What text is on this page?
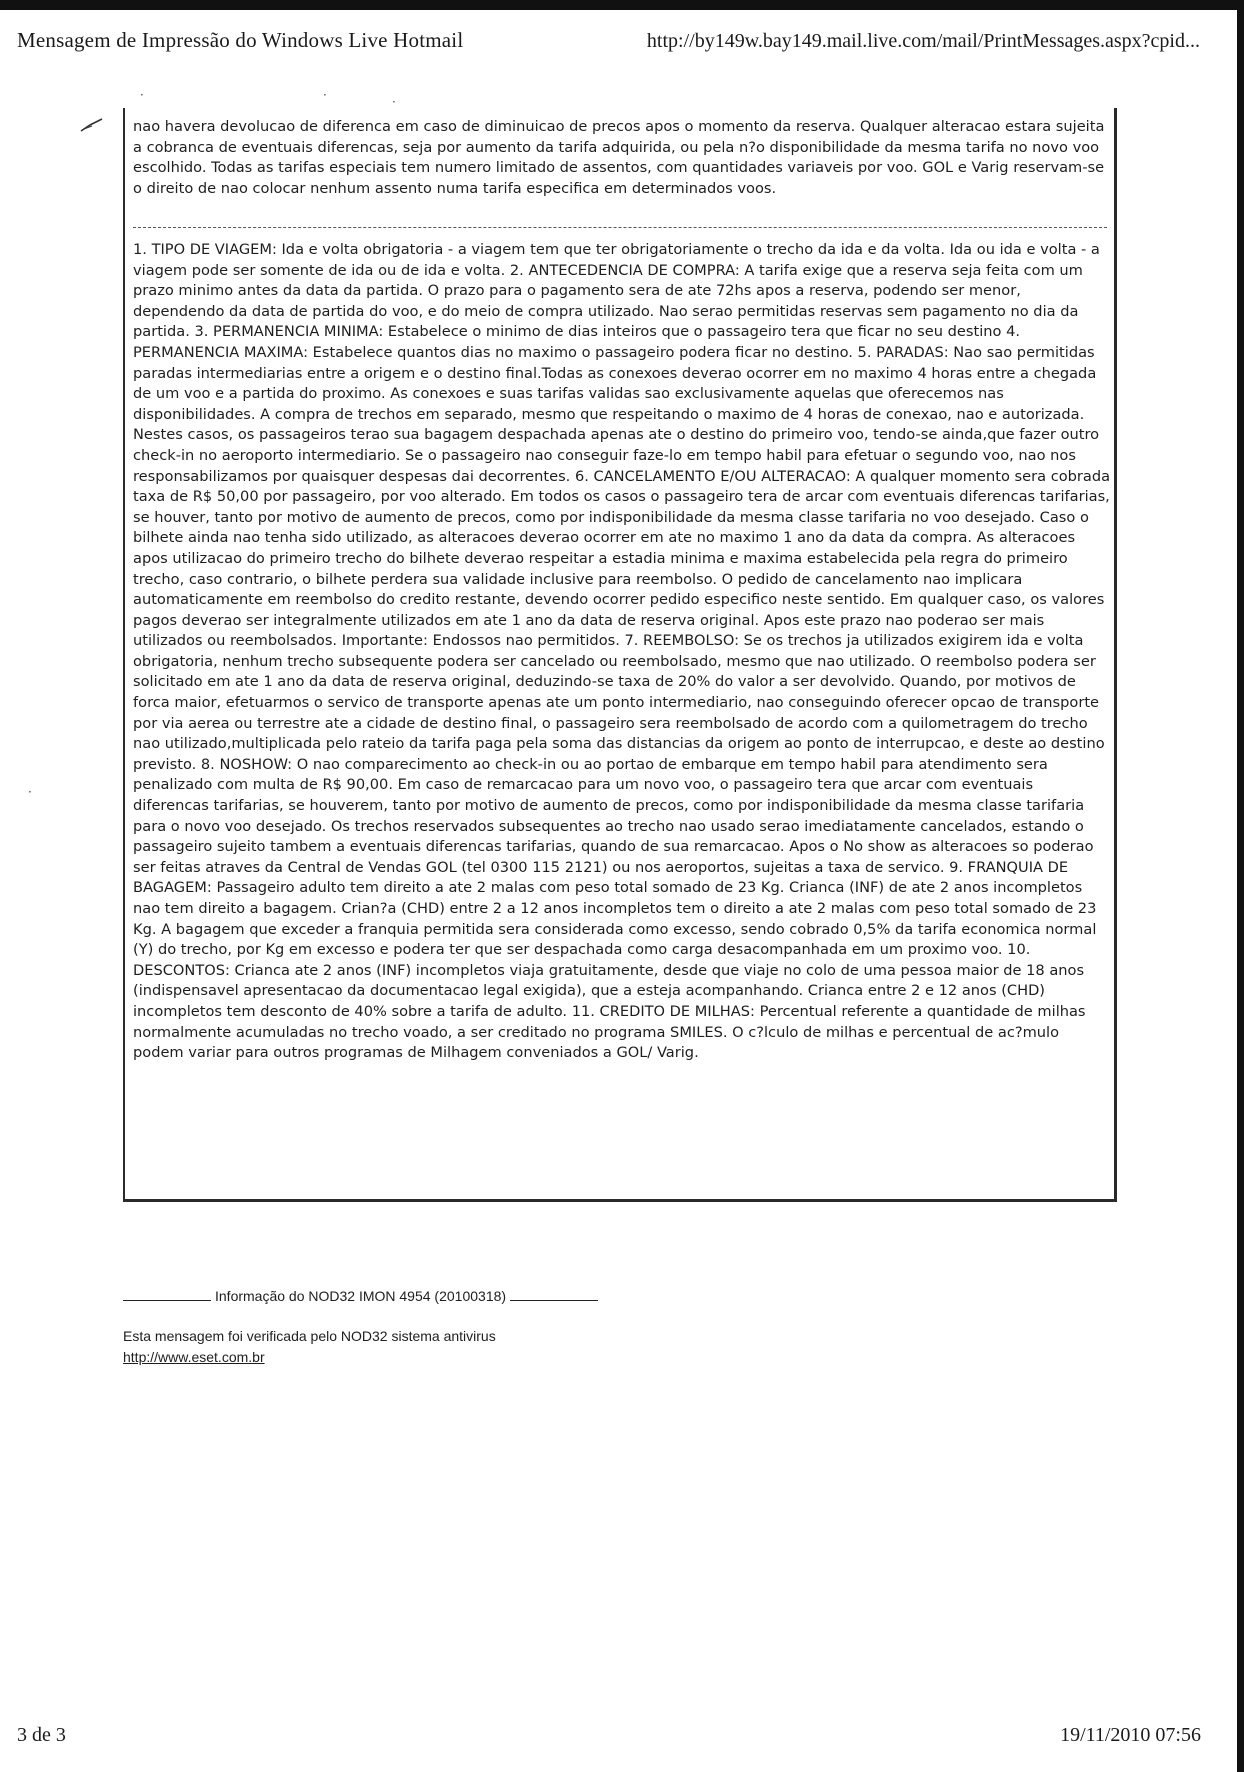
Mensagem de Impressão do Windows Live Hotmail	http://by149w.bay149.mail.live.com/mail/PrintMessages.aspx?cpid...
·	·	·
·
nao havera devolucao de diferenca em caso de diminuicao de precos apos o momento da reserva. Qualquer alteracao estara sujeita a cobranca de eventuais diferencas, seja por aumento da tarifa adquirida, ou pela n?o disponibilidade da mesma tarifa no novo voo escolhido. Todas as tarifas especiais tem numero limitado de assentos, com quantidades variaveis por voo. GOL e Varig reservam-se o direito de nao colocar nenhum assento numa tarifa especifica em determinados voos.
1. TIPO DE VIAGEM: Ida e volta obrigatoria - a viagem tem que ter obrigatoriamente o trecho da ida e da volta. Ida ou ida e volta - a viagem pode ser somente de ida ou de ida e volta. 2. ANTECEDENCIA DE COMPRA: A tarifa exige que a reserva seja feita com um prazo minimo antes da data da partida. O prazo para o pagamento sera de ate 72hs apos a reserva, podendo ser menor, dependendo da data de partida do voo, e do meio de compra utilizado. Nao serao permitidas reservas sem pagamento no dia da partida. 3. PERMANENCIA MINIMA: Estabelece o minimo de dias inteiros que o passageiro tera que ficar no seu destino 4. PERMANENCIA MAXIMA: Estabelece quantos dias no maximo o passageiro podera ficar no destino. 5. PARADAS: Nao sao permitidas paradas intermediarias entre a origem e o destino final.Todas as conexoes deverao ocorrer em no maximo 4 horas entre a chegada de um voo e a partida do proximo. As conexoes e suas tarifas validas sao exclusivamente aquelas que oferecemos nas disponibilidades. A compra de trechos em separado, mesmo que respeitando o maximo de 4 horas de conexao, nao e autorizada. Nestes casos, os passageiros terao sua bagagem despachada apenas ate o destino do primeiro voo, tendo-se ainda,que fazer outro check-in no aeroporto intermediario. Se o passageiro nao conseguir faze-lo em tempo habil para efetuar o segundo voo, nao nos responsabilizamos por quaisquer despesas dai decorrentes. 6. CANCELAMENTO E/OU ALTERACAO: A qualquer momento sera cobrada taxa de R$ 50,00 por passageiro, por voo alterado. Em todos os casos o passageiro tera de arcar com eventuais diferencas tarifarias, se houver, tanto por motivo de aumento de precos, como por indisponibilidade da mesma classe tarifaria no voo desejado. Caso o bilhete ainda nao tenha sido utilizado, as alteracoes deverao ocorrer em ate no maximo 1 ano da data da compra. As alteracoes apos utilizacao do primeiro trecho do bilhete deverao respeitar a estadia minima e maxima estabelecida pela regra do primeiro trecho, caso contrario, o bilhete perdera sua validade inclusive para reembolso. O pedido de cancelamento nao implicara automaticamente em reembolso do credito restante, devendo ocorrer pedido especifico neste sentido. Em qualquer caso, os valores pagos deverao ser integralmente utilizados em ate 1 ano da data de reserva original. Apos este prazo nao poderao ser mais utilizados ou reembolsados. Importante: Endossos nao permitidos. 7. REEMBOLSO: Se os trechos ja utilizados exigirem ida e volta obrigatoria, nenhum trecho subsequente podera ser cancelado ou reembolsado, mesmo que nao utilizado. O reembolso podera ser solicitado em ate 1 ano da data de reserva original, deduzindo-se taxa de 20% do valor a ser devolvido. Quando, por motivos de forca maior, efetuarmos o servico de transporte apenas ate um ponto intermediario, nao conseguindo oferecer opcao de transporte por via aerea ou terrestre ate a cidade de destino final, o passageiro sera reembolsado de acordo com a quilometragem do trecho nao utilizado,multiplicada pelo rateio da tarifa paga pela soma das distancias da origem ao ponto de interrupcao, e deste ao destino previsto. 8. NOSHOW: O nao comparecimento ao check-in ou ao portao de embarque em tempo habil para atendimento sera penalizado com multa de R$ 90,00. Em caso de remarcacao para um novo voo, o passageiro tera que arcar com eventuais diferencas tarifarias, se houverem, tanto por motivo de aumento de precos, como por indisponibilidade da mesma classe tarifaria para o novo voo desejado. Os trechos reservados subsequentes ao trecho nao usado serao imediatamente cancelados, estando o passageiro sujeito tambem a eventuais diferencas tarifarias, quando de sua remarcacao. Apos o No show as alteracoes so poderao ser feitas atraves da Central de Vendas GOL (tel 0300 115 2121) ou nos aeroportos, sujeitas a taxa de servico. 9. FRANQUIA DE BAGAGEM: Passageiro adulto tem direito a ate 2 malas com peso total somado de 23 Kg. Crianca (INF) de ate 2 anos incompletos nao tem direito a bagagem. Crian?a (CHD) entre 2 a 12 anos incompletos tem o direito a ate 2 malas com peso total somado de 23 Kg. A bagagem que exceder a franquia permitida sera considerada como excesso, sendo cobrado 0,5% da tarifa economica normal (Y) do trecho, por Kg em excesso e podera ter que ser despachada como carga desacompanhada em um proximo voo. 10. DESCONTOS: Crianca ate 2 anos (INF) incompletos viaja gratuitamente, desde que viaje no colo de uma pessoa maior de 18 anos (indispensavel apresentacao da documentacao legal exigida), que a esteja acompanhando. Crianca entre 2 e 12 anos (CHD) incompletos tem desconto de 40% sobre a tarifa de adulto. 11. CREDITO DE MILHAS: Percentual referente a quantidade de milhas normalmente acumuladas no trecho voado, a ser creditado no programa SMILES. O c?lculo de milhas e percentual de ac?mulo podem variar para outros programas de Milhagem conveniados a GOL/ Varig.
Informação do NOD32 IMON 4954 (20100318)
Esta mensagem foi verificada pelo NOD32 sistema antivirus
http://www.eset.com.br
3 de 3	19/11/2010 07:56
